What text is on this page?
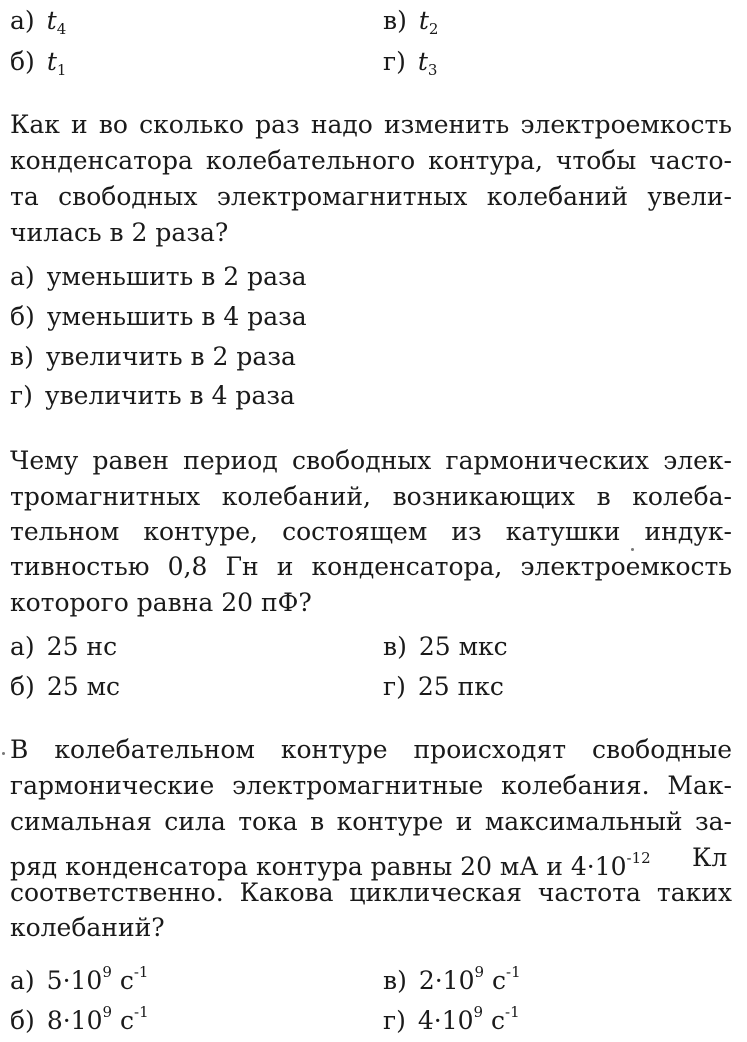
а) $t_4$	в) $t_2$
б) $t_1$	г) $t_3$
Как и во сколько раз надо изменить электроемкость
конденсатора колебательного контура, чтобы часто-
та свободных электромагнитных колебаний увели-
чилась в 2 раза?
а) уменьшить в 2 раза
б) уменьшить в 4 раза
в) увеличить в 2 раза
г) увеличить в 4 раза
Чему равен период свободных гармонических элек-
тромагнитных колебаний, возникающих в колеба-
тельном контуре, состоящем из катушки индук-
тивностью 0,8 Гн и конденсатора, электроемкость
которого равна 20 пФ?
а) 25 нс	в) 25 мкс
б) 25 мс	г) 25 пкс
В колебательном контуре происходят свободные
гармонические электромагнитные колебания. Мак-
симальная сила тока в контуре и максимальный за-
ряд конденсатора контура равны 20 мА и $4\cdot 10^{-12}$ Кл
соответственно. Какова циклическая частота таких
колебаний?
а) $5\cdot 10^9$ $с^{-1}$	в) $2\cdot 10^9$ $с^{-1}$
б) $8\cdot 10^9$ $с^{-1}$	г) $4\cdot 10^9$ $с^{-1}$
